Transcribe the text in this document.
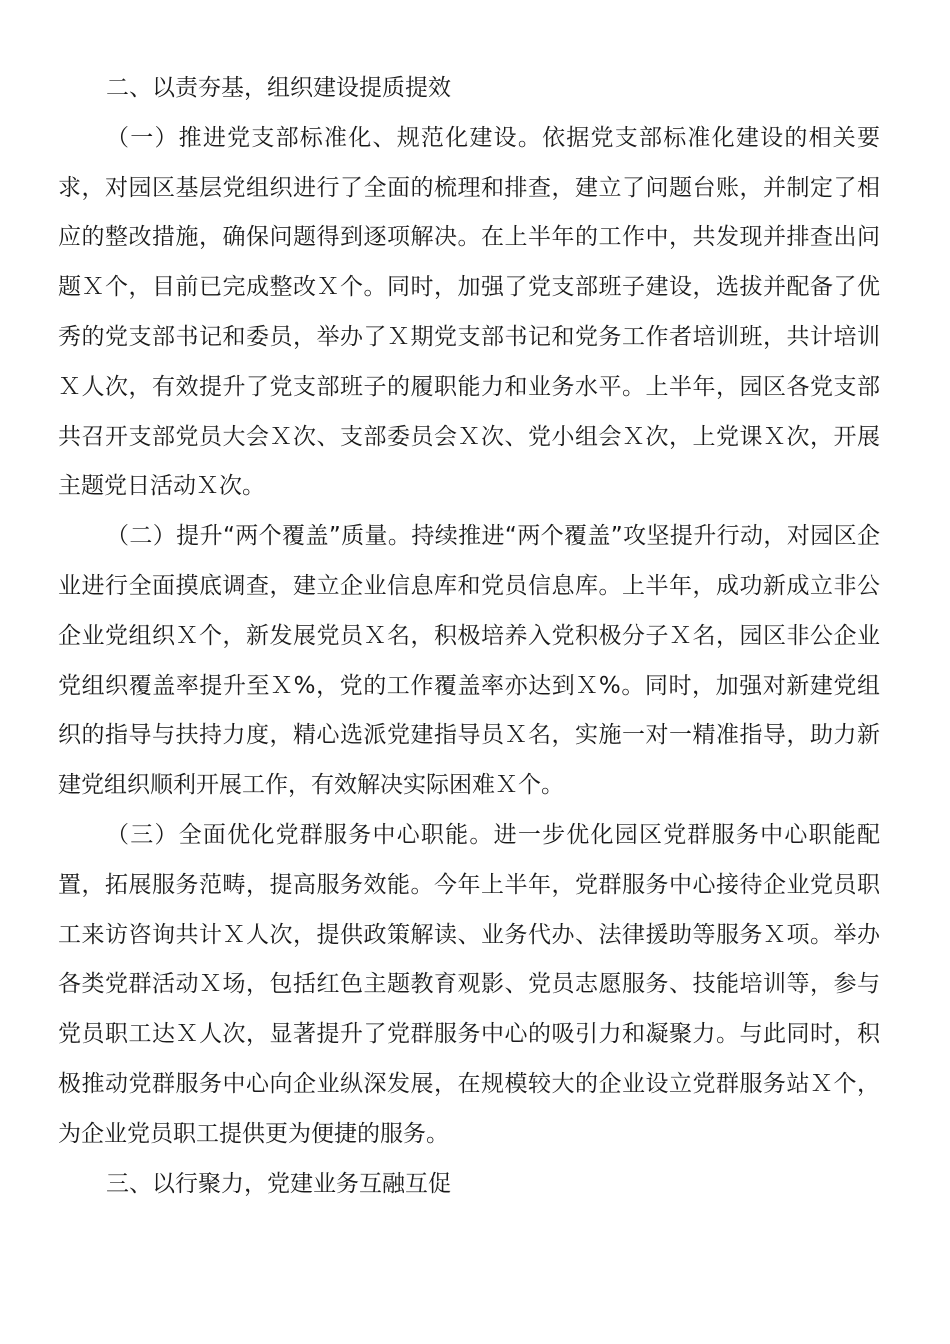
二、以责夯基，组织建设提质提效

（一）推进党支部标准化、规范化建设。依据党支部标准化建设的相关要求，对园区基层党组织进行了全面的梳理和排查，建立了问题台账，并制定了相应的整改措施，确保问题得到逐项解决。在上半年的工作中，共发现并排查出问题Ｘ个，目前已完成整改Ｘ个。同时，加强了党支部班子建设，选拔并配备了优秀的党支部书记和委员，举办了Ｘ期党支部书记和党务工作者培训班，共计培训Ｘ人次，有效提升了党支部班子的履职能力和业务水平。上半年，园区各党支部共召开支部党员大会Ｘ次、支部委员会Ｘ次、党小组会Ｘ次，上党课Ｘ次，开展主题党日活动Ｘ次。

（二）提升“两个覆盖”质量。持续推进“两个覆盖”攻坚提升行动，对园区企业进行全面摸底调查，建立企业信息库和党员信息库。上半年，成功新成立非公企业党组织Ｘ个，新发展党员Ｘ名，积极培养入党积极分子Ｘ名，园区非公企业党组织覆盖率提升至Ｘ%，党的工作覆盖率亦达到Ｘ%。同时，加强对新建党组织的指导与扶持力度，精心选派党建指导员Ｘ名，实施一对一精准指导，助力新建党组织顺利开展工作，有效解决实际困难Ｘ个。

（三）全面优化党群服务中心职能。进一步优化园区党群服务中心职能配置，拓展服务范畴，提高服务效能。今年上半年，党群服务中心接待企业党员职工来访咨询共计Ｘ人次，提供政策解读、业务代办、法律援助等服务Ｘ项。举办各类党群活动Ｘ场，包括红色主题教育观影、党员志愿服务、技能培训等，参与党员职工达Ｘ人次，显著提升了党群服务中心的吸引力和凝聚力。与此同时，积极推动党群服务中心向企业纵深发展，在规模较大的企业设立党群服务站Ｘ个，为企业党员职工提供更为便捷的服务。

三、以行聚力，党建业务互融互促
